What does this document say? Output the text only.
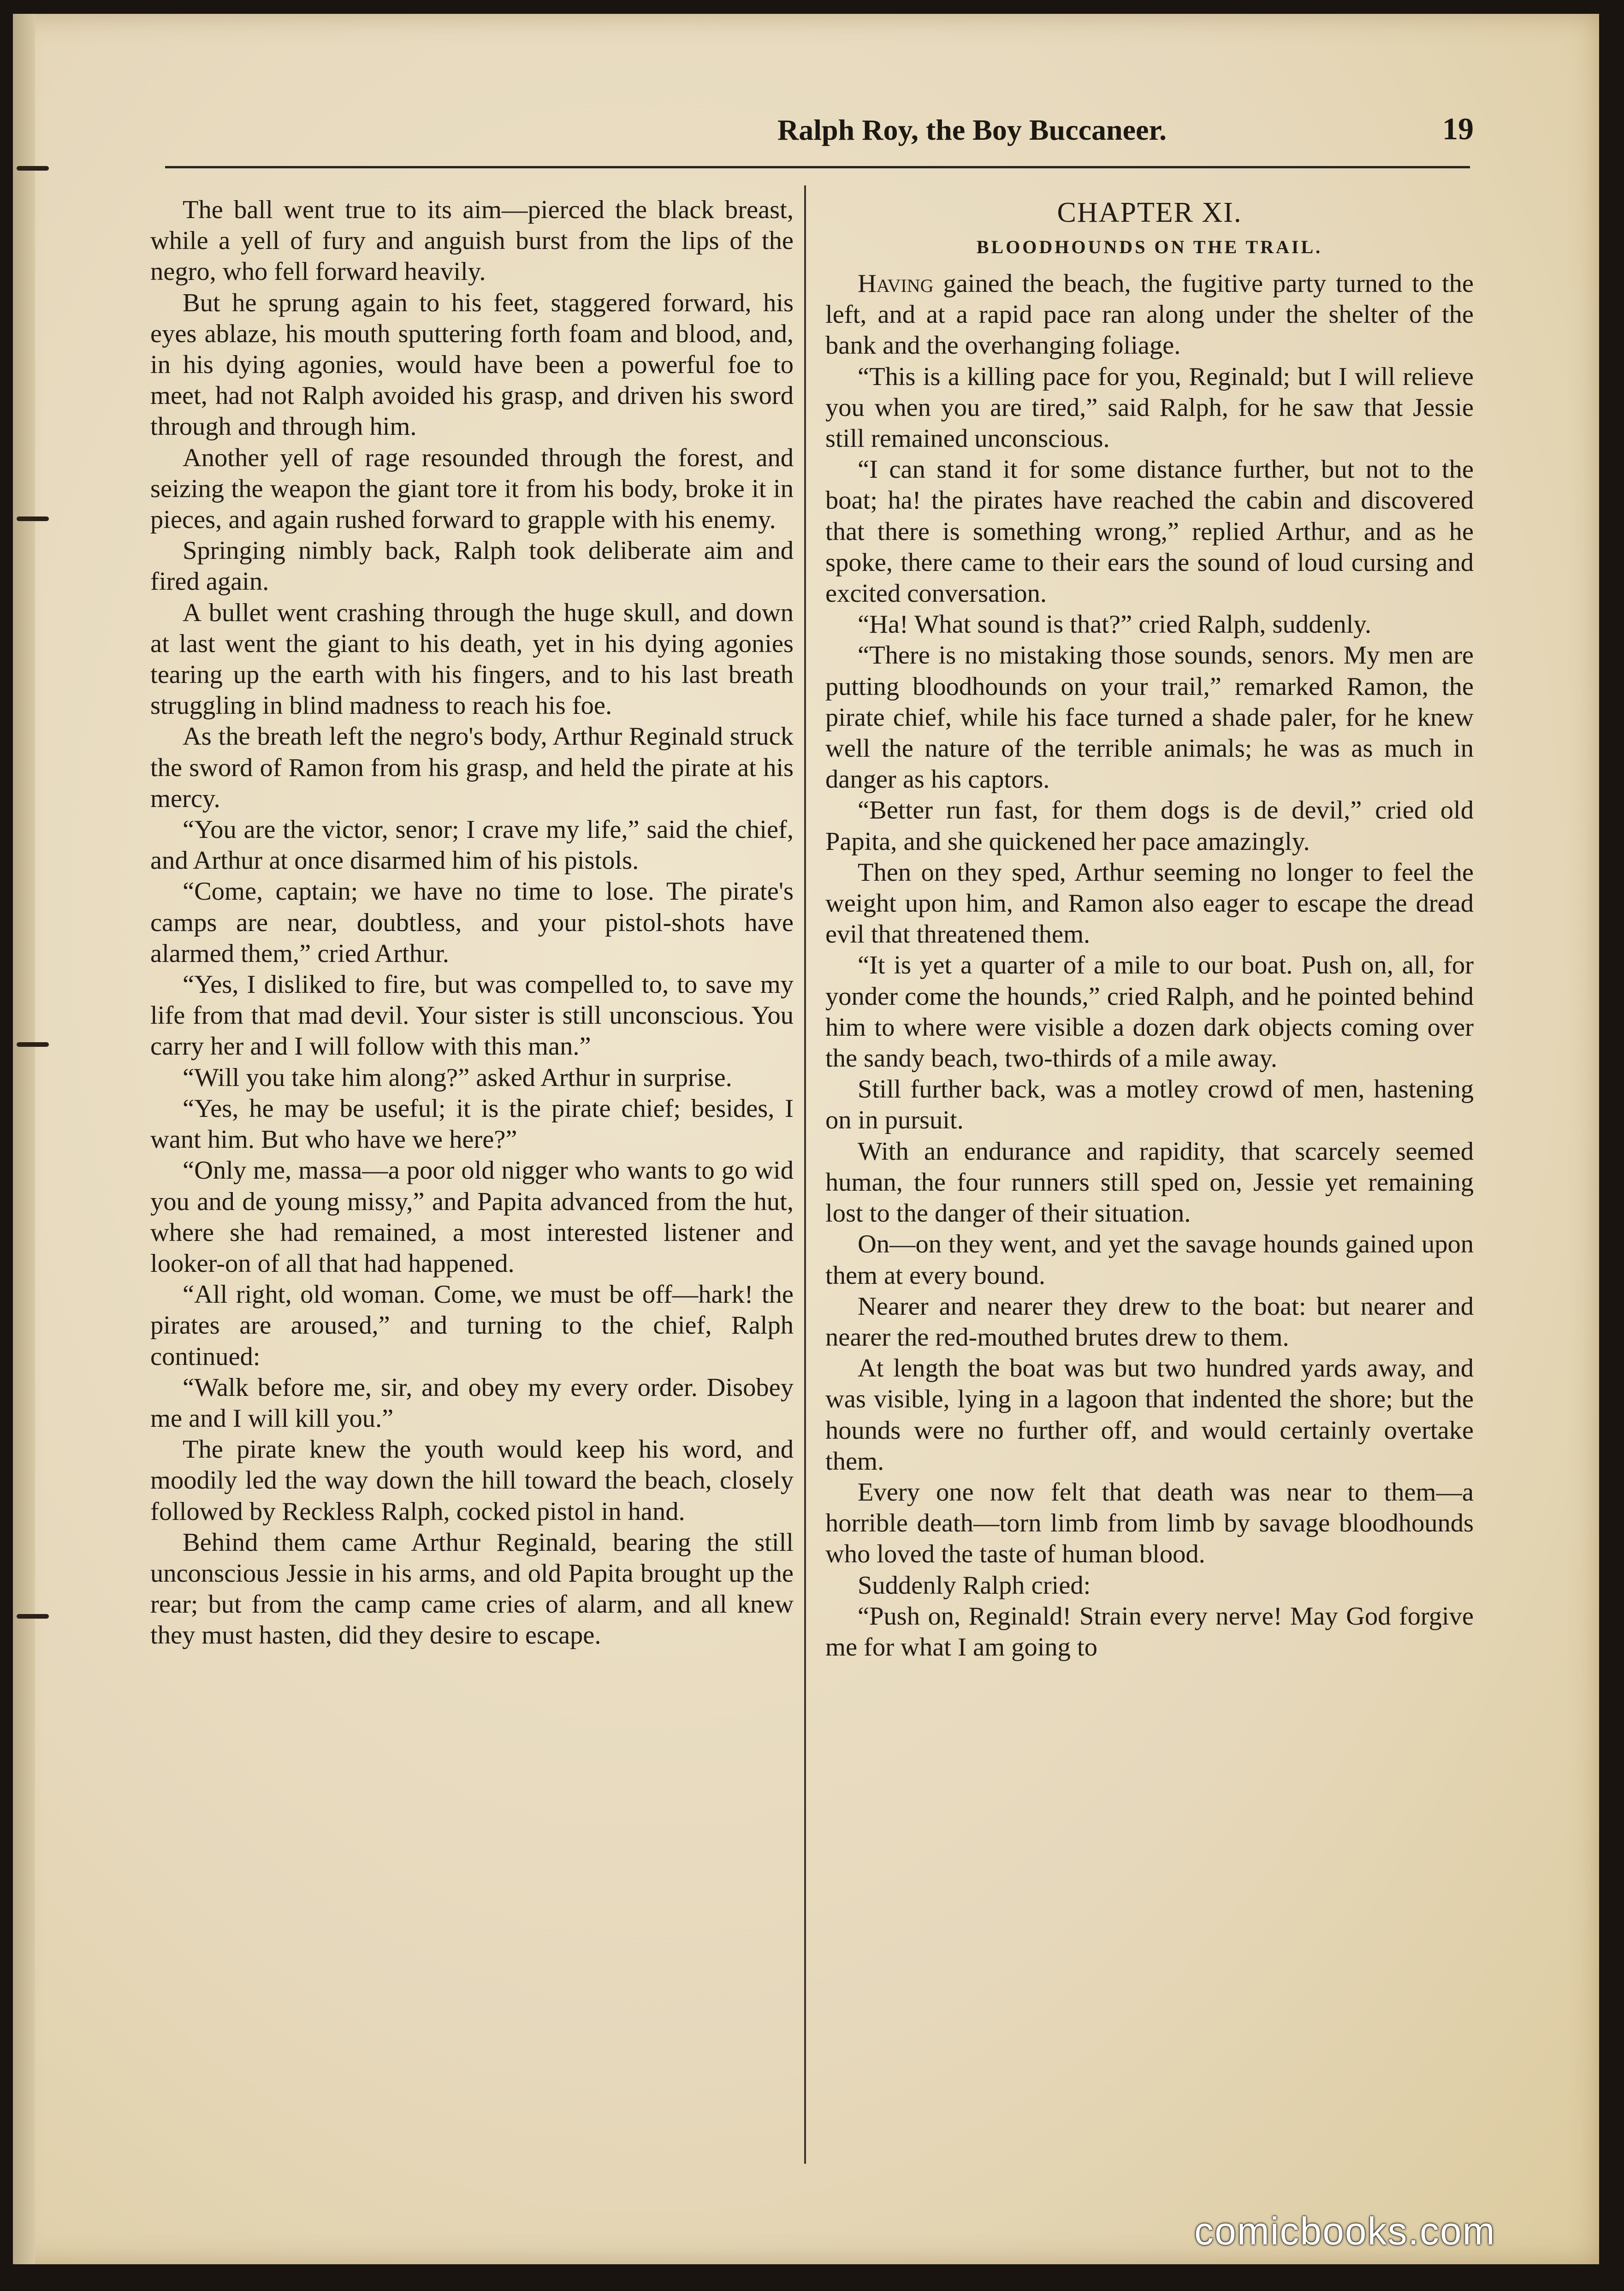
Ralph Roy, the Boy Buccaneer.	19

The ball went true to its aim—pierced the black breast, while a yell of fury and anguish burst from the lips of the negro, who fell forward heavily.

But he sprung again to his feet, staggered forward, his eyes ablaze, his mouth sputtering forth foam and blood, and, in his dying agonies, would have been a powerful foe to meet, had not Ralph avoided his grasp, and driven his sword through and through him.

Another yell of rage resounded through the forest, and seizing the weapon the giant tore it from his body, broke it in pieces, and again rushed forward to grapple with his enemy.

Springing nimbly back, Ralph took deliberate aim and fired again.

A bullet went crashing through the huge skull, and down at last went the giant to his death, yet in his dying agonies tearing up the earth with his fingers, and to his last breath struggling in blind madness to reach his foe.

As the breath left the negro's body, Arthur Reginald struck the sword of Ramon from his grasp, and held the pirate at his mercy.

“You are the victor, senor; I crave my life,” said the chief, and Arthur at once disarmed him of his pistols.

“Come, captain; we have no time to lose. The pirate's camps are near, doubtless, and your pistol-shots have alarmed them,” cried Arthur.

“Yes, I disliked to fire, but was compelled to, to save my life from that mad devil. Your sister is still unconscious. You carry her and I will follow with this man.”

“Will you take him along?” asked Arthur in surprise.

“Yes, he may be useful; it is the pirate chief; besides, I want him. But who have we here?”

“Only me, massa—a poor old nigger who wants to go wid you and de young missy,” and Papita advanced from the hut, where she had remained, a most interested listener and looker-on of all that had happened.

“All right, old woman. Come, we must be off—hark! the pirates are aroused,” and turning to the chief, Ralph continued:

“Walk before me, sir, and obey my every order. Disobey me and I will kill you.”

The pirate knew the youth would keep his word, and moodily led the way down the hill toward the beach, closely followed by Reckless Ralph, cocked pistol in hand.

Behind them came Arthur Reginald, bearing the still unconscious Jessie in his arms, and old Papita brought up the rear; but from the camp came cries of alarm, and all knew they must hasten, did they desire to escape.

CHAPTER XI.
BLOODHOUNDS ON THE TRAIL.

Having gained the beach, the fugitive party turned to the left, and at a rapid pace ran along under the shelter of the bank and the overhanging foliage.

“This is a killing pace for you, Reginald; but I will relieve you when you are tired,” said Ralph, for he saw that Jessie still remained unconscious.

“I can stand it for some distance further, but not to the boat; ha! the pirates have reached the cabin and discovered that there is something wrong,” replied Arthur, and as he spoke, there came to their ears the sound of loud cursing and excited conversation.

“Ha! What sound is that?” cried Ralph, suddenly.

“There is no mistaking those sounds, senors. My men are putting bloodhounds on your trail,” remarked Ramon, the pirate chief, while his face turned a shade paler, for he knew well the nature of the terrible animals; he was as much in danger as his captors.

“Better run fast, for them dogs is de devil,” cried old Papita, and she quickened her pace amazingly.

Then on they sped, Arthur seeming no longer to feel the weight upon him, and Ramon also eager to escape the dread evil that threatened them.

“It is yet a quarter of a mile to our boat. Push on, all, for yonder come the hounds,” cried Ralph, and he pointed behind him to where were visible a dozen dark objects coming over the sandy beach, two-thirds of a mile away.

Still further back, was a motley crowd of men, hastening on in pursuit.

With an endurance and rapidity, that scarcely seemed human, the four runners still sped on, Jessie yet remaining lost to the danger of their situation.

On—on they went, and yet the savage hounds gained upon them at every bound.

Nearer and nearer they drew to the boat: but nearer and nearer the red-mouthed brutes drew to them.

At length the boat was but two hundred yards away, and was visible, lying in a lagoon that indented the shore; but the hounds were no further off, and would certainly overtake them.

Every one now felt that death was near to them—a horrible death—torn limb from limb by savage bloodhounds who loved the taste of human blood.

Suddenly Ralph cried:

“Push on, Reginald! Strain every nerve! May God forgive me for what I am going to

comicbooks.com
